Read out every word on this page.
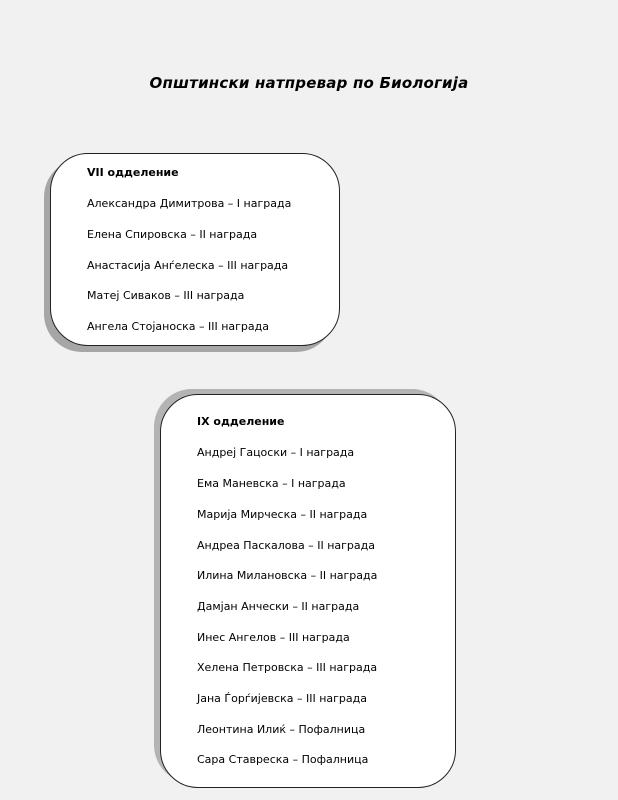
Општински натпревар по Биологија
VII одделение
Александра Димитрова – I награда
Елена Спировска – II награда
Анастасија Анѓелеска – III награда
Матеј Сиваков – III награда
Ангела Стојаноска – III награда
IX одделение
Андреј Гацоски – I награда
Ема Маневска – I награда
Марија Мирческа – II награда
Андреа Паскалова – II награда
Илина Милановска – II награда
Дамјан Анчески – II награда
Инес Ангелов – III награда
Хелена Петровска – III награда
Јана Ѓорѓијевска – III награда
Леонтина Илиќ – Пофалница
Сара Ставреска – Пофалница
